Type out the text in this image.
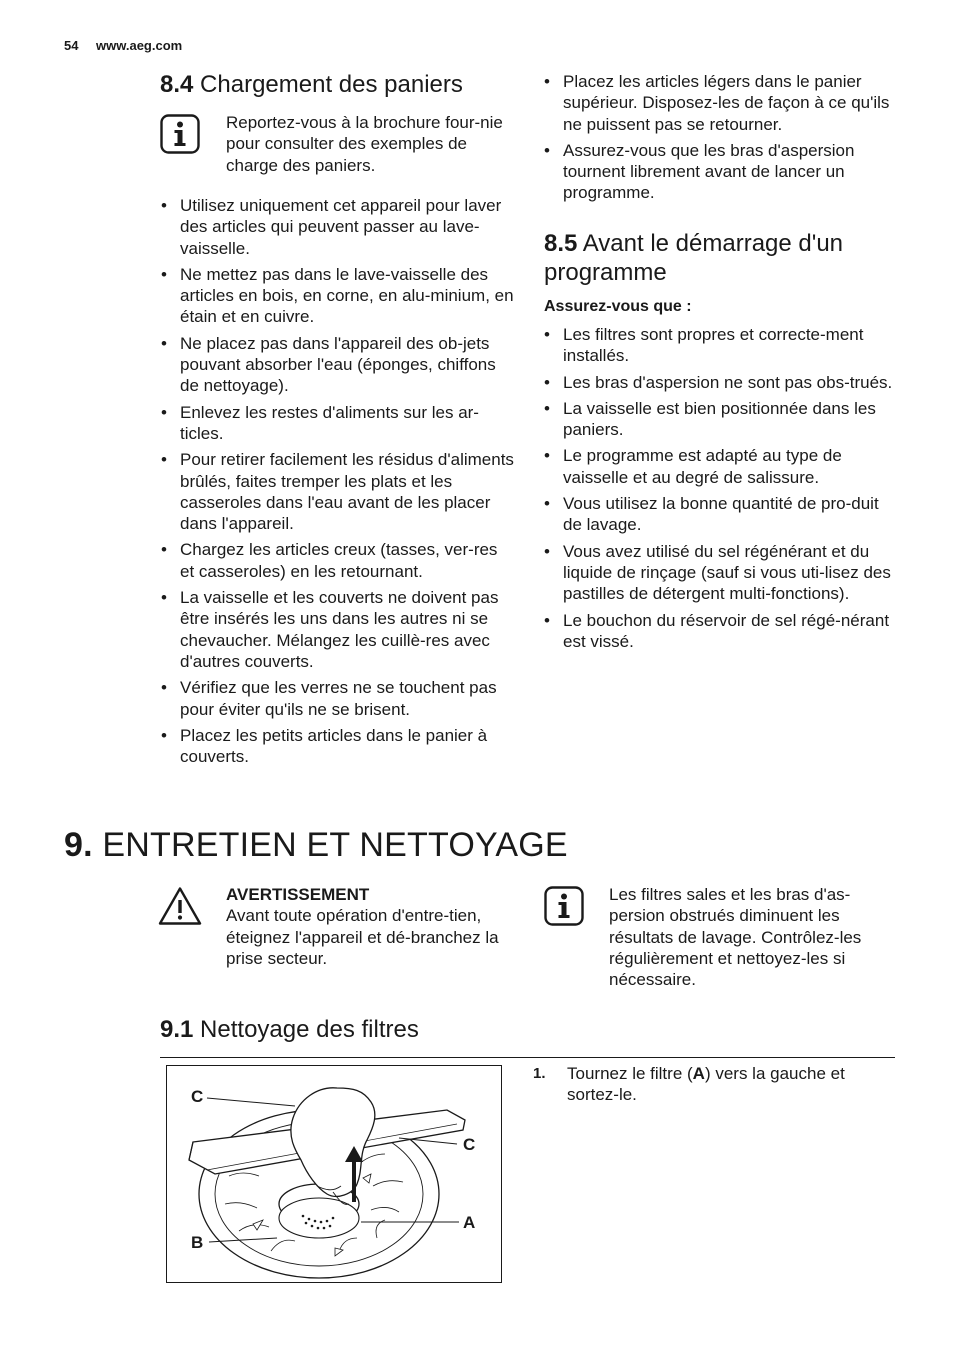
54 www.aeg.com
8.4 Chargement des paniers
Reportez-vous à la brochure four-nie pour consulter des exemples de charge des paniers.
• Utilisez uniquement cet appareil pour laver des articles qui peuvent passer au lave-vaisselle.
• Ne mettez pas dans le lave-vaisselle des articles en bois, en corne, en alu-minium, en étain et en cuivre.
• Ne placez pas dans l'appareil des ob-jets pouvant absorber l'eau (éponges, chiffons de nettoyage).
• Enlevez les restes d'aliments sur les ar-ticles.
• Pour retirer facilement les résidus d'aliments brûlés, faites tremper les plats et les casseroles dans l'eau avant de les placer dans l'appareil.
• Chargez les articles creux (tasses, ver-res et casseroles) en les retournant.
• La vaisselle et les couverts ne doivent pas être insérés les uns dans les autres ni se chevaucher. Mélangez les cuillè-res avec d'autres couverts.
• Vérifiez que les verres ne se touchent pas pour éviter qu'ils ne se brisent.
• Placez les petits articles dans le panier à couverts.
• Placez les articles légers dans le panier supérieur. Disposez-les de façon à ce qu'ils ne puissent pas se retourner.
• Assurez-vous que les bras d'aspersion tournent librement avant de lancer un programme.
8.5 Avant le démarrage d'un
programme
Assurez-vous que :
• Les filtres sont propres et correcte-ment installés.
• Les bras d'aspersion ne sont pas obs-trués.
• La vaisselle est bien positionnée dans les paniers.
• Le programme est adapté au type de vaisselle et au degré de salissure.
• Vous utilisez la bonne quantité de pro-duit de lavage.
• Vous avez utilisé du sel régénérant et du liquide de rinçage (sauf si vous uti-lisez des pastilles de détergent multi-fonctions).
• Le bouchon du réservoir de sel régé-nérant est vissé.
9. ENTRETIEN ET NETTOYAGE
AVERTISSEMENT
Avant toute opération d'entre-tien, éteignez l'appareil et dé-branchez la prise secteur.
Les filtres sales et les bras d'as-persion obstrués diminuent les résultats de lavage. Contrôlez-les régulièrement et nettoyez-les si nécessaire.
9.1 Nettoyage des filtres
C
C
A
B
1. Tournez le filtre (A) vers la gauche et sortez-le.
